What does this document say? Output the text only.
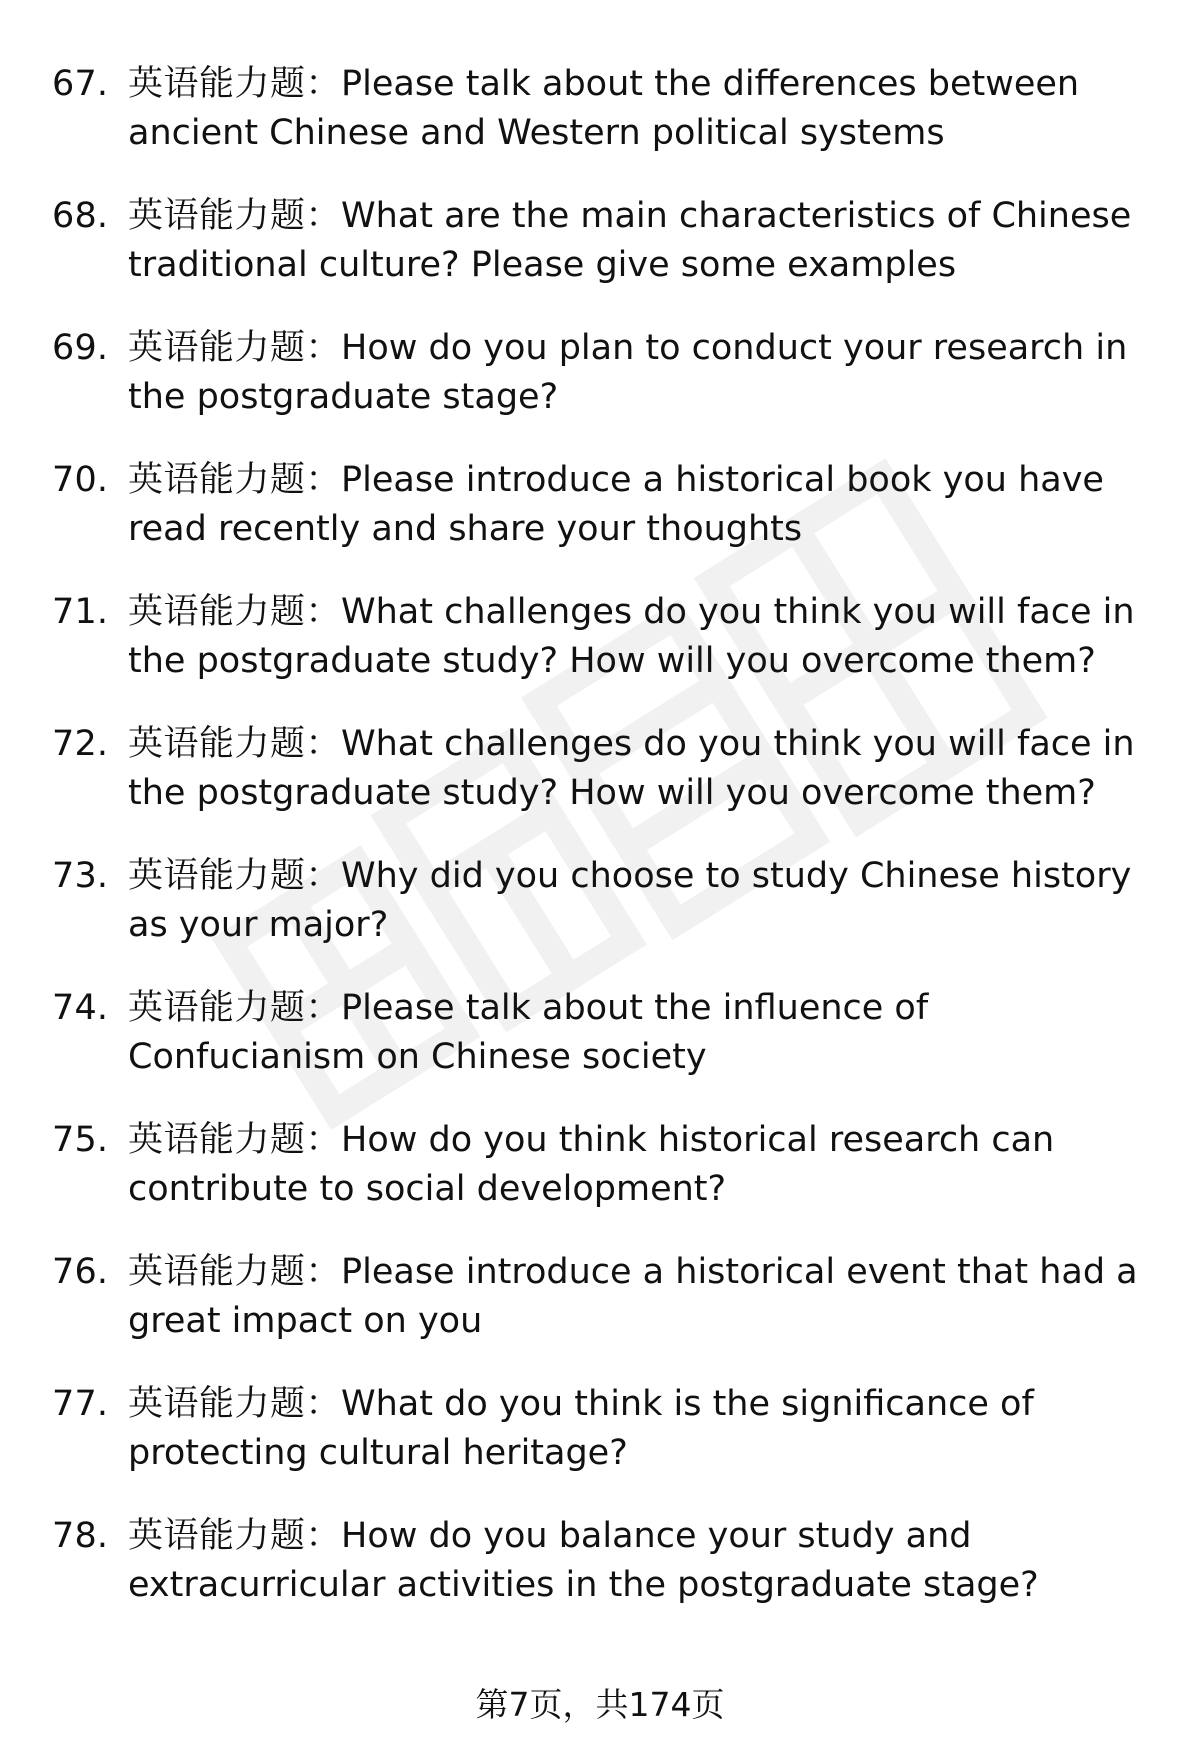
67. 英语能力题：Please talk about the differences between ancient Chinese and Western political systems
68. 英语能力题：What are the main characteristics of Chinese traditional culture? Please give some examples
69. 英语能力题：How do you plan to conduct your research in the postgraduate stage?
70. 英语能力题：Please introduce a historical book you have read recently and share your thoughts
71. 英语能力题：What challenges do you think you will face in the postgraduate study? How will you overcome them?
72. 英语能力题：What challenges do you think you will face in the postgraduate study? How will you overcome them?
73. 英语能力题：Why did you choose to study Chinese history as your major?
74. 英语能力题：Please talk about the influence of Confucianism on Chinese society
75. 英语能力题：How do you think historical research can contribute to social development?
76. 英语能力题：Please introduce a historical event that had a great impact on you
77. 英语能力题：What do you think is the significance of protecting cultural heritage?
78. 英语能力题：How do you balance your study and extracurricular activities in the postgraduate stage?
第7页，共174页
